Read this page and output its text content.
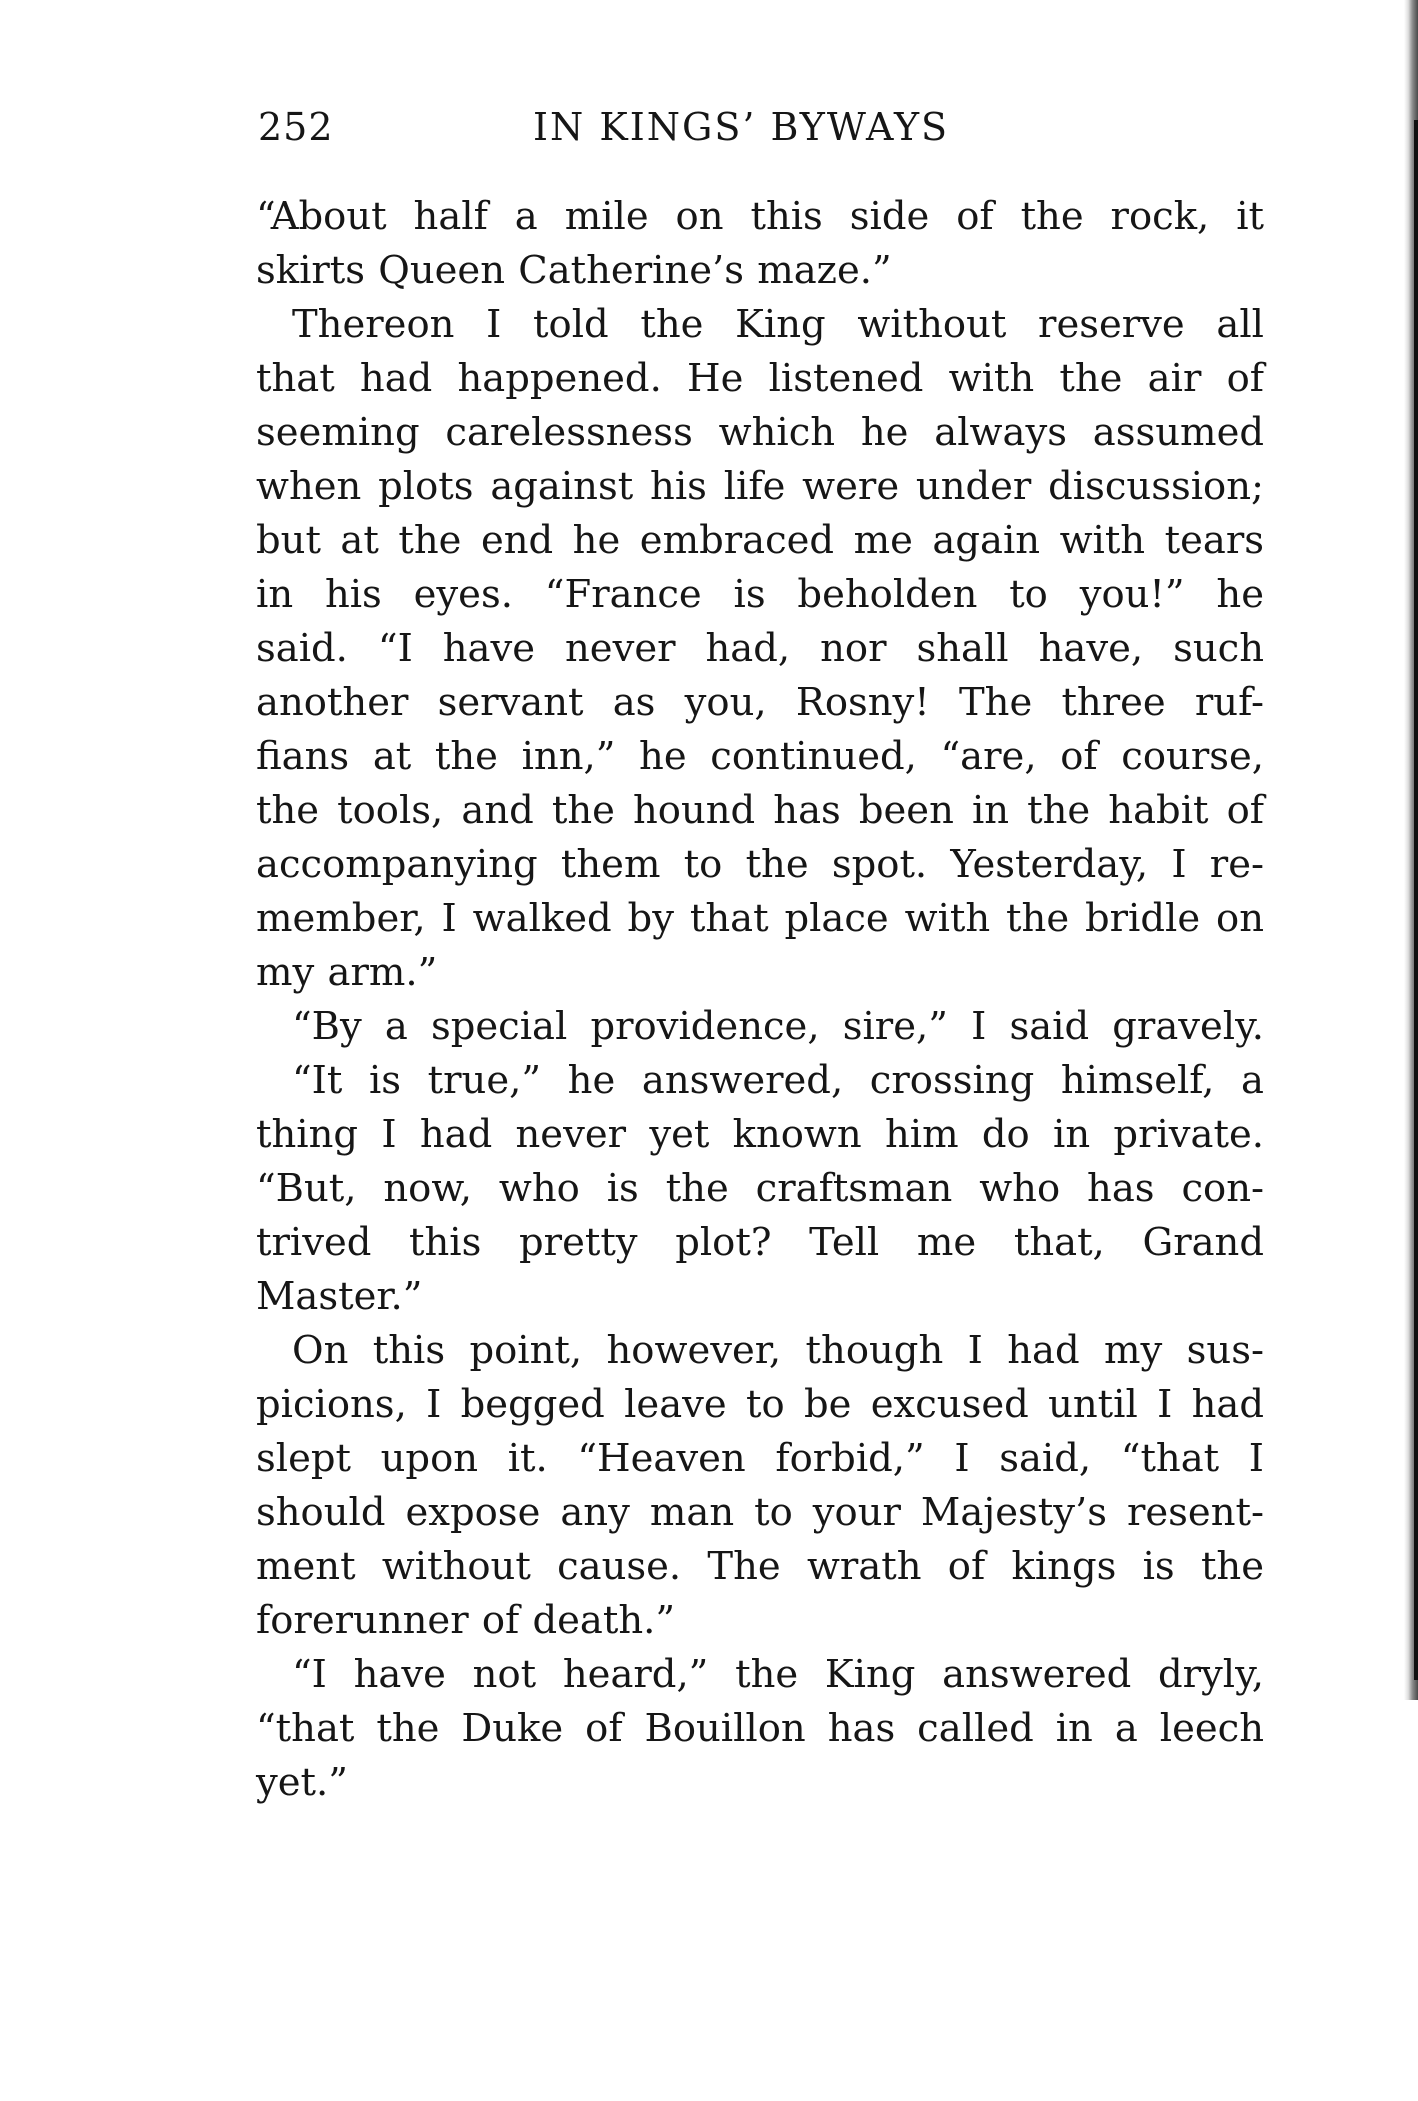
252	IN KINGS’ BYWAYS
“About half a mile on this side of the rock, it
skirts Queen Catherine’s maze.”
Thereon I told the King without reserve all
that had happened. He listened with the air of
seeming carelessness which he always assumed
when plots against his life were under discussion;
but at the end he embraced me again with tears
in his eyes. “France is beholden to you!” he
said. “I have never had, nor shall have, such
another servant as you, Rosny! The three ruf-
fians at the inn,” he continued, “are, of course,
the tools, and the hound has been in the habit of
accompanying them to the spot. Yesterday, I re-
member, I walked by that place with the bridle on
my arm.”
“By a special providence, sire,” I said gravely.
“It is true,” he answered, crossing himself, a
thing I had never yet known him do in private.
“But, now, who is the craftsman who has con-
trived this pretty plot? Tell me that, Grand
Master.”
On this point, however, though I had my sus-
picions, I begged leave to be excused until I had
slept upon it. “Heaven forbid,” I said, “that I
should expose any man to your Majesty’s resent-
ment without cause. The wrath of kings is the
forerunner of death.”
“I have not heard,” the King answered dryly,
“that the Duke of Bouillon has called in a leech
yet.”
